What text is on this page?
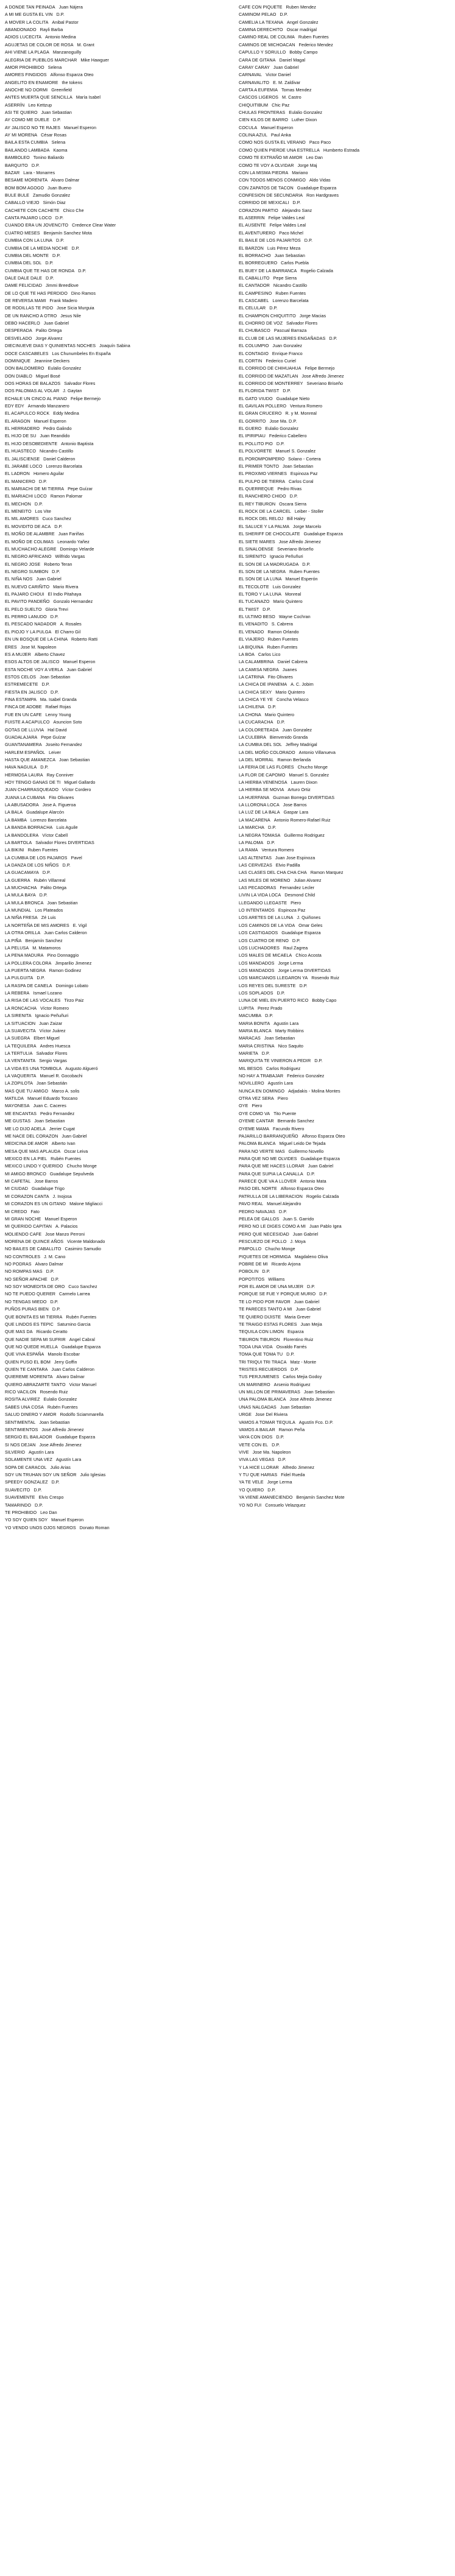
A DONDE TAN PEINADA Juan Nájera
A MI ME GUSTA EL VIN D.P.
A MOVER LA COLITA Anibal Pastor
ABANDONADO Rayli Barba
ADIOS LUCECITA Antonio Medina
AGUJETAS DE COLOR DE ROSA M. Grant
AHI VIENE LA PLAGA Manzanoguilly
ALEGRIA DE PUEBLOS MARCHAR Mike Hawguer
AMOR PROHIBIDO Selena
AMORES FINGIDOS Alfonso Esparza Oteo
ANGELITO EN ENAMORE the tokens
ANOCHE NO DORMI Greenfield
ANTES MUERTA QUE SENCILLA María Isabel
ASERRÍN Leo Kettzup
ASI TE QUIERO Juan Sebastian
AY COMO ME DUELE D.P.
AY JALISCO NO TE RAJES Manuel Esperon
AY MI MORENA César Rosas
BAILA ESTA CUMBIA Selena
BAILANDO LAMBADA Kaoma
BAMBOLEO Tonino Baliardo
BARQUITO D.P.
BAZAR Lara - Monarres
BESAME MORENITA Alvaro Dalmar
BOM BOM AGOGO Juan Bueno
BULE BULE Zamudio Gonzalez
CABALLO VIEJO Simón Diaz
CACHETE CON CACHETE Chico Che
CANTA PAJARO LOCO D.P.
CUANDO ERA UN JOVENCITO Credence Clear Water
CUATRO MESES Benjamín Sanchez Mota
CUMBIA CON LA LUNA D.P.
CUMBIA DE LA MEDIA NOCHE D.P.
CUMBIA DEL MONTE D.P.
CUMBIA DEL SOL D.P.
CUMBIA QUE TE HAS DE RONDA D.P.
DALE DALE DALE D.P.
DAME FELICIDAD Jimmi Breedlove
DE LO QUE TE HAS PERDIDO Dino Ramos
DE REVERSA MAMI Frank Madero
DE RODILLAS TE PIDO Jose Sicia Murguia
DE UN RANCHO A OTRO Jesus Nile
DEBO HACERLO Juan Gabriel
DESPERADA Palito Ortega
DESVELADO Jorge Alvarez
DIECINUEVE DIAS Y QUINIENTAS NOCHES Joaquín Sabina
DOCE CASCABELES Los Chunumbeles En España
DOMINIQUE Jeannine Deckers
DON BALDOMERO Eulalio Gonzalez
DON DIABLO Miguel Bosé
DOS HORAS DE BALAZOS Salvador Flores
DOS PALOMAS AL VOLAR J. Gaytan
ECHALE UN CINCO AL PIANO Felipe Bermejo
EDY EDY Armando Manzanero
EL ACAPULCO ROCK Eddy Medina
EL ARAGON Manuel Esperon
EL HERRADERO Pedro Galindo
EL HIJO DE SU Juan Reandido
EL HIJO DESOBEDIENTE Antonio Baptista
EL HUASTECO Nicandro Castillo
EL JALISCIENSE Daniel Calderon
EL JARABE LOCO Lorenzo Barcelata
EL LADRON Homero Aguilar
EL MANICERO D.P.
EL MARIACHI DE MI TIERRA Pepe Guízar
EL MARIACHI LOCO Ramon Palomar
EL MECHON D.P.
EL MENEITO Los Vite
EL MIL AMORES Cuco Sanchez
EL MOVIDITO DE ACA D.P.
EL MOÑO DE ALAMBRE Juan Fariñas
EL MOÑO DE COLIMAS Leonardo Yañez
EL MUCHACHO ALEGRE Domingo Velarde
EL NEGRO AFRICANO Wilfrido Vargas
EL NEGRO JOSE Roberto Teran
EL NEGRO SUMBON D.P.
EL NIÑA NOS Juan Gabriel
EL NUEVO CARIÑITO Mario Rivera
EL PAJARO CHOUI El Indio Pitahaya
EL PAVITO PANDEÑO Gonzalo Hernandez
EL PELO SUELTO Gloria Trevi
EL PERRO LANUDO D.P.
EL PESCADO NADADOR A. Rosales
EL PIOJO Y LA PULGA El Charro Gil
EN UN BOSQUE DE LA CHINA Roberto Ratti
ERES Jose M. Napoleon
ES A MUJER Alberto Chavez
ESOS ALTOS DE JALISCO Manuel Esperon
ESTA NOCHE VOY A VERLA Juan Gabriel
ESTOS CELOS Joan Sebastian
ESTREMECETE D.P.
FIESTA EN JALISCO D.P.
FINA ESTAMPA Ma. Isabel Granda
FINCA DE ADOBE Rafael Rojas
FUE EN UN CAFE Lenny Young
FUISTE A ACAPULCO Asuncion Soto
GOTAS DE LLUVIA Hal David
GUADALAJARA Pepe Guízar
GUANTANAMERA Joseito Fernandez
HARLEM ESPAÑOL Leiver
HASTA QUE AMANEZCA Joan Sebastian
HAVA NAGUILA D.P.
HERMOSA LAURA Ray Conniver
HOY TENGO GANAS DE TI Miguel Gallardo
JUAN CHARRASQUEADO Víctor Cordero
JUANA LA CUBANA Fito Olivares
LA ABUSADORA Jose A. Figueroa
LA BALA Guadalupe Alarcón
LA BAMBA Lorenzo Barcelata
LA BANDA BORRACHA Luis Aguile
LA BANDOLERA Víctor Cabell
LA BARTOLA Salvador Flores DIVERTIDAS
LA BIKINI Ruben Fuentes
LA CUMBIA DE LOS PAJAROS Pavel
LA DANZA DE LOS NIÑOS D.P.
LA GUACAMAYA D.P.
LA GUERRA Rubén Villarreal
LA MUCHACHA Palito Ortega
LA MULA BAYA D.P.
LA MULA BRONCA Joan Sebastian
LA MUNDIAL Los Plateados
LA NIÑA FRESA Zé Luis
LA NORTEÑA DE MIS AMORES E. Vigil
LA OTRA ORILLA Juan Carlos Calderon
LA PIÑA Benjamín Sanchez
LA PELUSA M. Matamoros
LA PENA MADURA Pino Donnaggio
LA POLLERA COLORA Jimparilio Jimenez
LA PUERTA NEGRA Ramon Godinez
LA PULGUITA D.P.
LA RASPA DE CANELA Domingo Lobato
LA REBERA Ismael Lozano
LA RISA DE LAS VOCALES Tirzo Paiz
LA RONCACHA Víctor Romero
LA SIRENITA Ignacio Peñuñuri
LA SITUACION Juan Zaizar
LA SUAVECITA Víctor Juárez
LA SUEGRA Elbert Miguel
LA TEQUILERA Andres Huesca
LA TERTULIA Salvador Flores
LA VENTANITA Sergio Vargas
LA VIDA ES UNA TOMBOLA Augusto Algueró
LA VAQUERITA Manuel R. Gocobachi
LA ZOPILOTA Joan Sebastián
MAS QUE TU AMIGO Marco A. solis
MATILDA Manuel Eduardo Toscano
MAYONESA Juan C. Caceres
ME ENCANTAS Pedro Fernandez
ME GUSTAS Joan Sebastian
ME LO DIJO ADELA Jerrier Cugat
ME NACE DEL CORAZON Juan Gabriel
MEDICINA DE AMOR Alberto Ivan
MESA QUE MAS APLAUDA Oscar Leiva
MEXICO EN LA PIEL Rubén Fuentes
MEXICO LINDO Y QUERIDO Chucho Monge
MI AMIGO BRONCO Guadalupe Sepulveda
MI CAFETAL Jose Barros
MI CIUDAD Guadalupe Trigo
MI CORAZON CANTA J. Inojosa
MI CORAZON ES UN GITANO Malone Migliacci
MI CREDO Fato
MI GRAN NOCHE Manuel Esperon
MI QUERIDO CAPITAN A. Palacios
MOLIENDO CAFE Jose Manzo Perroni
MORENA DE QUINCE AÑOS Vicente Maldonado
NO BAILES DE CABALLITO Casimiro Samudio
NO CONTROLES J. M. Cano
NO PODRAS Alvaro Dalmar
NO ROMPAS MAS D.P.
NO SEÑOR APACHE D.P.
NO SOY MONEDITA DE ORO Cuco Sanchez
NO TE PUEDO QUERER Carmelo Larrea
NO TENGAS MIEDO D.P.
PUÑOS PURAS BIEN D.P.
QUE BONITA ES MI TIERRA Rubén Fuentes
QUE LINDOS ES TEPIC Saturnino Garcia
QUE MAS DA Ricardo Ceratto
QUE NADIE SEPA MI SUFRIR Angel Cabral
QUE NO QUEDE HUELLA Guadalupe Esparza
QUE VIVA ESPAÑA Manolo Escobar
QUIEN PUSO EL BOM Jerry Goffin
QUIEN TE CANTARA Juan Carlos Calderon
QUIEREME MORENITA Alvaro Dalmar
QUIERO ABRAZARTE TANTO Victor Manuel
RICO VACILON Rosendo Ruiz
ROSITA ALVIREZ Eulalio Gonzalez
SABES UNA COSA Rubén Fuentes
SALUD DINERO Y AMOR Rodolfo Sciammarella
SENTIMENTAL Joan Sebastian
SENTIMIENTOS José Alfredo Jimenez
SERGIO EL BAILADOR Guadalupe Esparza
SI NOS DEJAN Jose Alfredo Jimenez
SILVERIO Agustín Lara
SOLAMENTE UNA VEZ Agustín Lara
SOPA DE CARACOL Julio Arias
SOY UN TRUHAN SOY UN SEÑOR Julio Iglesias
SPEEDY GONZALEZ D.P.
SUAVECITO D.P.
SUAVEMENTE Elvis Crespo
TAMARINDO D.P.
TE PROHIBIDO Leo Dan
YO SOY QUIEN SOY Manuel Esperon
YO VENDO UNOS OJOS NEGROS Donato Roman
CAFE CON PIQUETE Ruben Mendez
CAMINOM PELAO D.P.
CAMELIA LA TEXANA Angel Gonzalez
CAMINA DERECHITO Oscar madrigal
CAMINO REAL DE COLIMA Ruben Fuentes
CAMINOS DE MICHOACAN Federico Mendez
CAPULLO Y SORULLO Bobby Campo
CARA DE GITANA Daniel Magal
CARAY CARAY Juan Gabriel
CARNAVAL Victor Daniel
CARNAVALITO E. M. Zaldivar
CARTA A EUFEMIA Tomas Mendez
CASCOS LIGEROS M. Castro
CHIQUITIBUM Chic Paz
CHULAS FRONTERAS Eulalio Gonzalez
CIEN KILOS DE BARRO Luther Dixon
COCULA Manuel Esperon
COLINA AZUL Paul Anka
COMO NOS GUSTA EL VERANO Paco Paco
COMO QUIEN PIERDE UNA ESTRELLA Humberto Estrada
COMO TE EXTRAÑO MI AMOR Leo Dan
COMO TE VOY A OLVIDAR Jorge Maj
CON LA MISMA PIEDRA Mariano
CON TODOS MENOS CONMIGO Aldo Vidas
CON ZAPATOS DE TACON Guadalupe Esparza
CONFESION DE SECUNDARIA Ron Hardgraves
CORRIDO DE MEXICALI D.P.
CORAZON PARTIO Alejandro Sanz
EL ASERRIN Felipe Valdes Leal
EL AUSENTE Felipe Valdes Leal
EL AVENTURERO Paco Michel
EL BAILE DE LOS PAJARITOS D.P.
EL BARZON Luis Pérez Meza
EL BORRACHO Juan Sebastian
EL BORREGUERO Carlos Puebla
EL BUEY DE LA BARRANCA Rogelio Calzada
EL CABALLITO Pepe Sierra
EL CANTADOR Nicandro Castillo
EL CAMPESINO Ruben Fuentes
EL CASCABEL Lorenzo Barcelata
EL CELULAR D.P.
EL CHAMPION CHIQUITITO Jorge Macias
EL CHORRO DE VOZ Salvador Flores
EL CHUBASCO Pascual Barraza
EL CLUB DE LAS MUJERES ENGAÑADAS D.P.
EL COLUMPIO Juan Gonzalez
EL CONTAGIO Enrique Franco
EL CORTIN Federico Curiel
EL CORRIDO DE CHIHUAHUA Felipe Bermejo
EL CORRIDO DE MAZATLAN Jose Alfredo Jimenez
EL CORRIDO DE MONTERREY Severiano Briseño
EL FLORIDA TWIST D.P.
EL GATO VIUDO Guadalupe Nieto
EL GAVILAN POLLERO Ventura Romero
EL GRAN CRUCERO R. y M. Monreal
EL GORRITO Jose Ma. D.P.
EL GUERO Eulalio Gonzalez
EL IPIRIPIAU Federico Cabellero
EL POLLITO PIO D.P.
EL POLVORETE Manuel S. Gonzalez
EL POROMPOMPERO Solano - Cortera
EL PRIMER TONTO Joan Sebastian
EL PROXIMO VIERNES Espinoza Paz
EL PULPO DE TIERRA Carlos Coral
EL QUERREQUE Pedro Rivas
EL RANCHERO CHIDO D.P.
EL REY TIBURON Oscara Sierra
EL ROCK DE LA CARCEL Leiber - Stoller
EL ROCK DEL RELOJ Bill Haley
EL SALUCE Y LA PALMA Jorge Marcelo
EL SHERIFF DE CHOCOLATE Guadalupe Esparza
EL SIETE MARES Jose Alfredo Jimenez
EL SINALOENSE Severiano Briseño
EL SIRENITO Ignacio Peñuñuri
EL SON DE LA MADRUGADA D.P.
EL SON DE LA NEGRA Ruben Fuentes
EL SON DE LA LUNA Manuel Esperón
EL TECOLOTE Luis Gonzalez
EL TORO Y LA LUNA Monreal
EL TUCANAZO Mario Quintero
EL TWIST D.P.
EL ULTIMO BESO Wayne Cochran
EL VENADITO S. Cabrera
EL VENADO Ramon Orlando
EL VIAJERO Ruben Fuentes
LA BIQUINA Ruben Fuentes
LA BOA Carlos Lico
LA CALAMBRINA Daniel Cabrera
LA CAMISA NEGRA Juanes
LA CATRINA Fito Olivares
LA CHICA DE IPANEMA A. C. Jobim
LA CHICA SEXY Mario Quintero
LA CHICA YE YE Concha Velasco
LA CHILENA D.P.
LA CHONA Mario Quintero
LA CUCARACHA D.P.
LA COLORETEADA Juan Gonzalez
LA CULEBRA Bienvenido Granda
LA CUMBIA DEL SOL Jeffrey Madrigal
LA DEL MOÑO COLORADO Antonio Villanueva
LA DEL MORRAL Ramon Berlanda
LA FERIA DE LAS FLORES Chucho Monge
LA FLOR DE CAPOMO Manuel S. Gonzalez
LA HIERBA VENENOSA Lauren Dixon
LA HIERBA SE MOVIA Arturo Ortiz
LA HUERFANA Guzman Borrego DIVERTIDAS
LA LLORONA LOCA Jose Barros
LA LUZ DE LA BALA Gaspar Lara
LA MACARENA Antonio Romero-Rafael Ruiz
LA MARCHA D.P.
LA NEGRA TOMASA Guillermo Rodriguez
LA PALOMA D.P.
LA RAMA Ventura Romero
LAS ALTENITAS Juan Jose Espinoza
LAS CERVEZAS Elvio Padilla
LAS CLASES DEL CHA CHA CHA Ramon Marquez
LAS MILES DE MORENO Julian Alvarez
LAS PECADORAS Fernandez Lecler
LIVIN LA VIDA LOCA Desmond Child
LLEGANDO LLEGASTE Piero
LO INTENTAMOS Espinoza Paz
LOS ARETES DE LA LUNA J. Quiñones
LOS CAMINOS DE LA VIDA Omar Geles
LOS CASTIGADOS Guadalupe Esparza
LOS CUATRO DE RENO D.P.
LOS LUCHADORES Raul Zagrea
LOS MALES DE MICAELA Chico Acosta
LOS MANDADOS Jorge Lerma
LOS MANDADOS Jorge Lerma DIVERTIDAS
LOS MARCIANOS LLEGARON YA Rosendo Ruiz
LOS REYES DEL SURESTE D.P.
LOS SOPLADOS D.P.
LUNA DE MIEL EN PUERTO RICO Bobby Capo
LUPITA Perez Prado
MACUMBA D.P.
MARIA BONITA Agustin Lara
MARIA BLANCA Marty Robbins
MARACAS Joan Sebastian
MARIA CRISTINA Nico Saquito
MARIETA D.P.
MARIQUITA TE VINIERON A PEDIR D.P.
MIL BESOS Carlos Rodriguez
NO HAY A TRABAJAR Federico Gonzalez
NOVILLERO Agustín Lara
NUNCA EN DOMINGO Adjadakis - Molina Montes
OTRA VEZ SERA Piero
OYE Piero
OYE COMO VA Tito Puente
OYEME CANTAR Bernardo Sanchez
OYEME MAMA Facundo Rivero
PAJARILLO BARRANQUEÑO Alfonso Esparza Oteo
PALOMA BLANCA Miguel Leido De Tejada
PARA NO VERTE MAS Guillermo Novello
PARA QUE NO ME OLVIDES Guadalupe Esparza
PARA QUE ME HACES LLORAR Juan Gabriel
PARA QUE SUPIA LA CANALLA D.P.
PARECE QUE VA A LLOVER Antonio Mata
PASO DEL NORTE Alfonso Esparza Oteo
PATRULLA DE LA LIBERACION Rogelio Calzada
PAVO REAL Manuel Alejandro
PEDRO NAVAJAS D.P.
PELEA DE GALLOS Juan S. Garrido
PERO NO LE DIGES COMO A MI Juan Pablo Igea
PERO QUE NECESIDAD Juan Gabriel
PESCUEZO DE POLLO J. Moya
PIMPOLLO Chucho Monge
PIQUETES DE HORMIGA Magdaleno Oliva
POBRE DE MI Ricardo Arjona
POBOLIN D.P.
POPOTITOS Williams
POR EL AMOR DE UNA MUJER D.P.
PORQUE SE FUE Y PORQUE MURIO D.P.
TE LO PIDO POR FAVOR Juan Gabriel
TE PARECES TANTO A MI Juan Gabriel
TE QUIERO DIJISTE Maria Grever
TE TRAIGO ESTAS FLORES Juan Mejia
TEQUILA CON LIMON Esparza
TIBURON TIBURON Florentino Ruiz
TODA UNA VIDA Osvaldo Farrés
TOMA QUE TOMA TU D.P.
TRI TRIQUI TRI TRACA Matz - Monte
TRISTES RECUERDOS D.P.
TUS PERJUMENES Carlos Mejia Godoy
UN MARINERO Arsenio Rodriguez
UN MILLON DE PRIMAVERAS Joan Sebastian
UNA PALOMA BLANCA Jose Alfredo Jimenez
UNAS NALGADAS Juan Sebastian
URGE Jose Del Riviera
VAMOS A TOMAR TEQUILA Agustín Fco. D.P.
VAMOS A BAILAR Ramon Peña
VAYA CON DIOS D.P.
VETE CON EL D.P.
VIVE Jose Ma. Napoleon
VIVA LAS VEGAS D.P.
Y LA HICE LLORAR Alfredo Jimenez
Y TU QUE HARIAS Fidel Rueda
YA TE VELE Jorge Lerma
YO QUIERO D.P.
YA VIENE AMANECIENDO Benjamín Sanchez Mote
YO NO FUI Consuelo Velazquez
